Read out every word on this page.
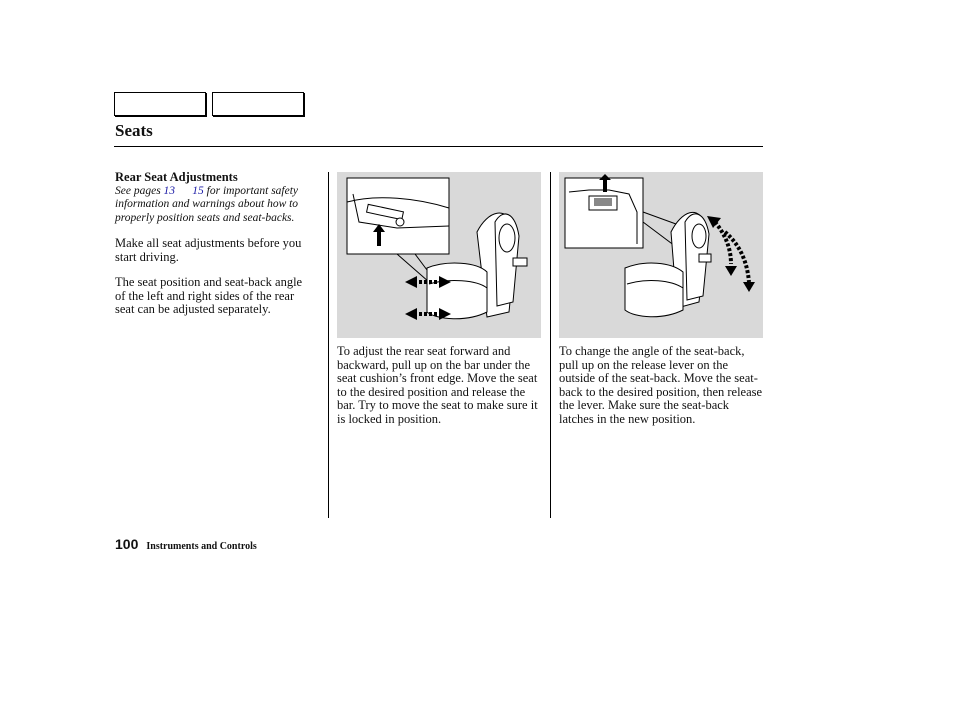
Seats
Rear Seat Adjustments
See pages 13 15 for important safety information and warnings about how to properly position seats and seat-backs.
Make all seat adjustments before you start driving.
The seat position and seat-back angle of the left and right sides of the rear seat can be adjusted separately.
To adjust the rear seat forward and backward, pull up on the bar under the seat cushion’s front edge. Move the seat to the desired position and release the bar. Try to move the seat to make sure it is locked in position.
To change the angle of the seat-back, pull up on the release lever on the outside of the seat-back. Move the seat-back to the desired position, then release the lever. Make sure the seat-back latches in the new position.
100 Instruments and Controls
